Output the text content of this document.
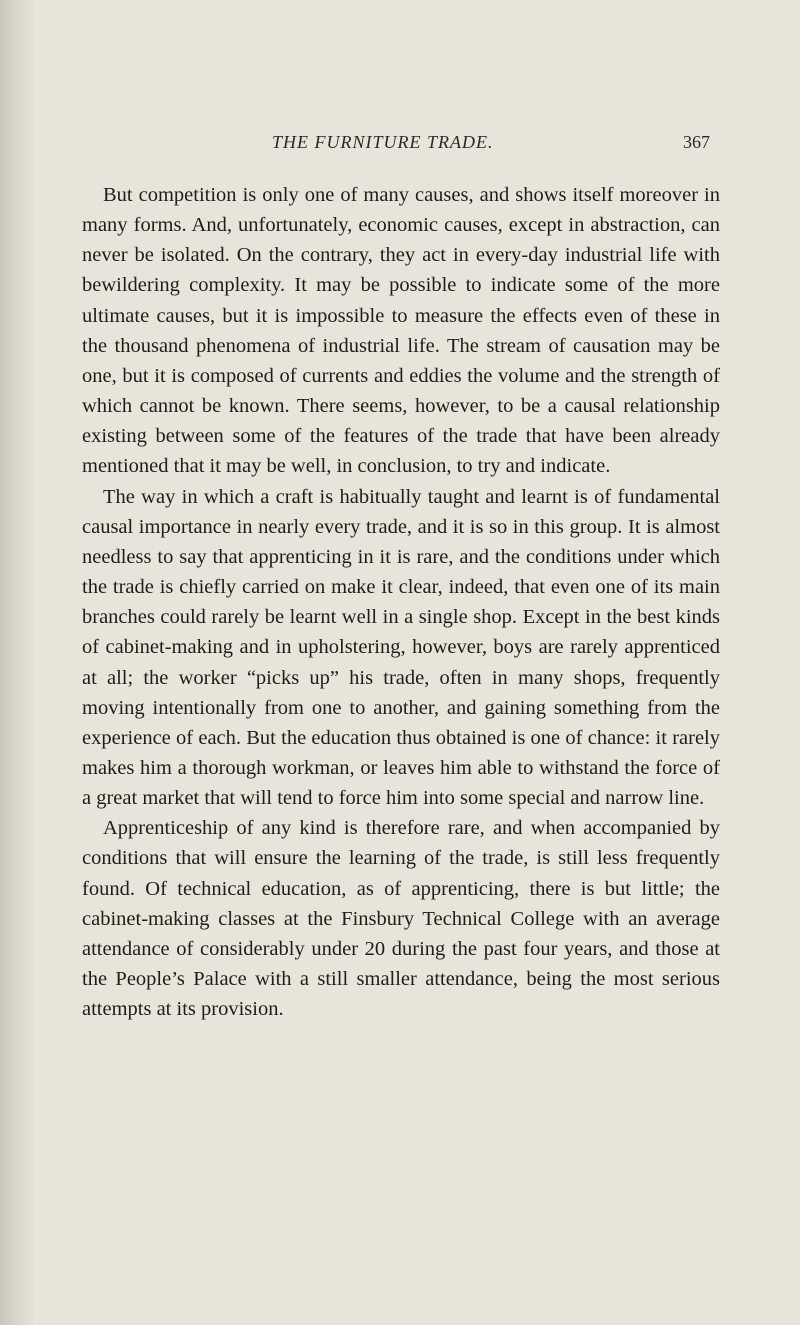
THE FURNITURE TRADE.	367

But competition is only one of many causes, and shows itself moreover in many forms. And, unfortunately, economic causes, except in abstraction, can never be isolated. On the contrary, they act in every-day industrial life with bewildering complexity. It may be possible to indicate some of the more ultimate causes, but it is impossible to measure the effects even of these in the thousand phenomena of industrial life. The stream of causation may be one, but it is composed of currents and eddies the volume and the strength of which cannot be known. There seems, however, to be a causal relationship existing between some of the features of the trade that have been already mentioned that it may be well, in conclusion, to try and indicate.

The way in which a craft is habitually taught and learnt is of fundamental causal importance in nearly every trade, and it is so in this group. It is almost needless to say that apprenticing in it is rare, and the conditions under which the trade is chiefly carried on make it clear, indeed, that even one of its main branches could rarely be learnt well in a single shop. Except in the best kinds of cabinet-making and in upholstering, however, boys are rarely apprenticed at all; the worker “picks up” his trade, often in many shops, frequently moving intentionally from one to another, and gaining something from the experience of each. But the education thus obtained is one of chance: it rarely makes him a thorough workman, or leaves him able to withstand the force of a great market that will tend to force him into some special and narrow line.

Apprenticeship of any kind is therefore rare, and when accompanied by conditions that will ensure the learning of the trade, is still less frequently found. Of technical education, as of apprenticing, there is but little; the cabinet-making classes at the Finsbury Technical College with an average attendance of considerably under 20 during the past four years, and those at the People’s Palace with a still smaller attendance, being the most serious attempts at its provision.
